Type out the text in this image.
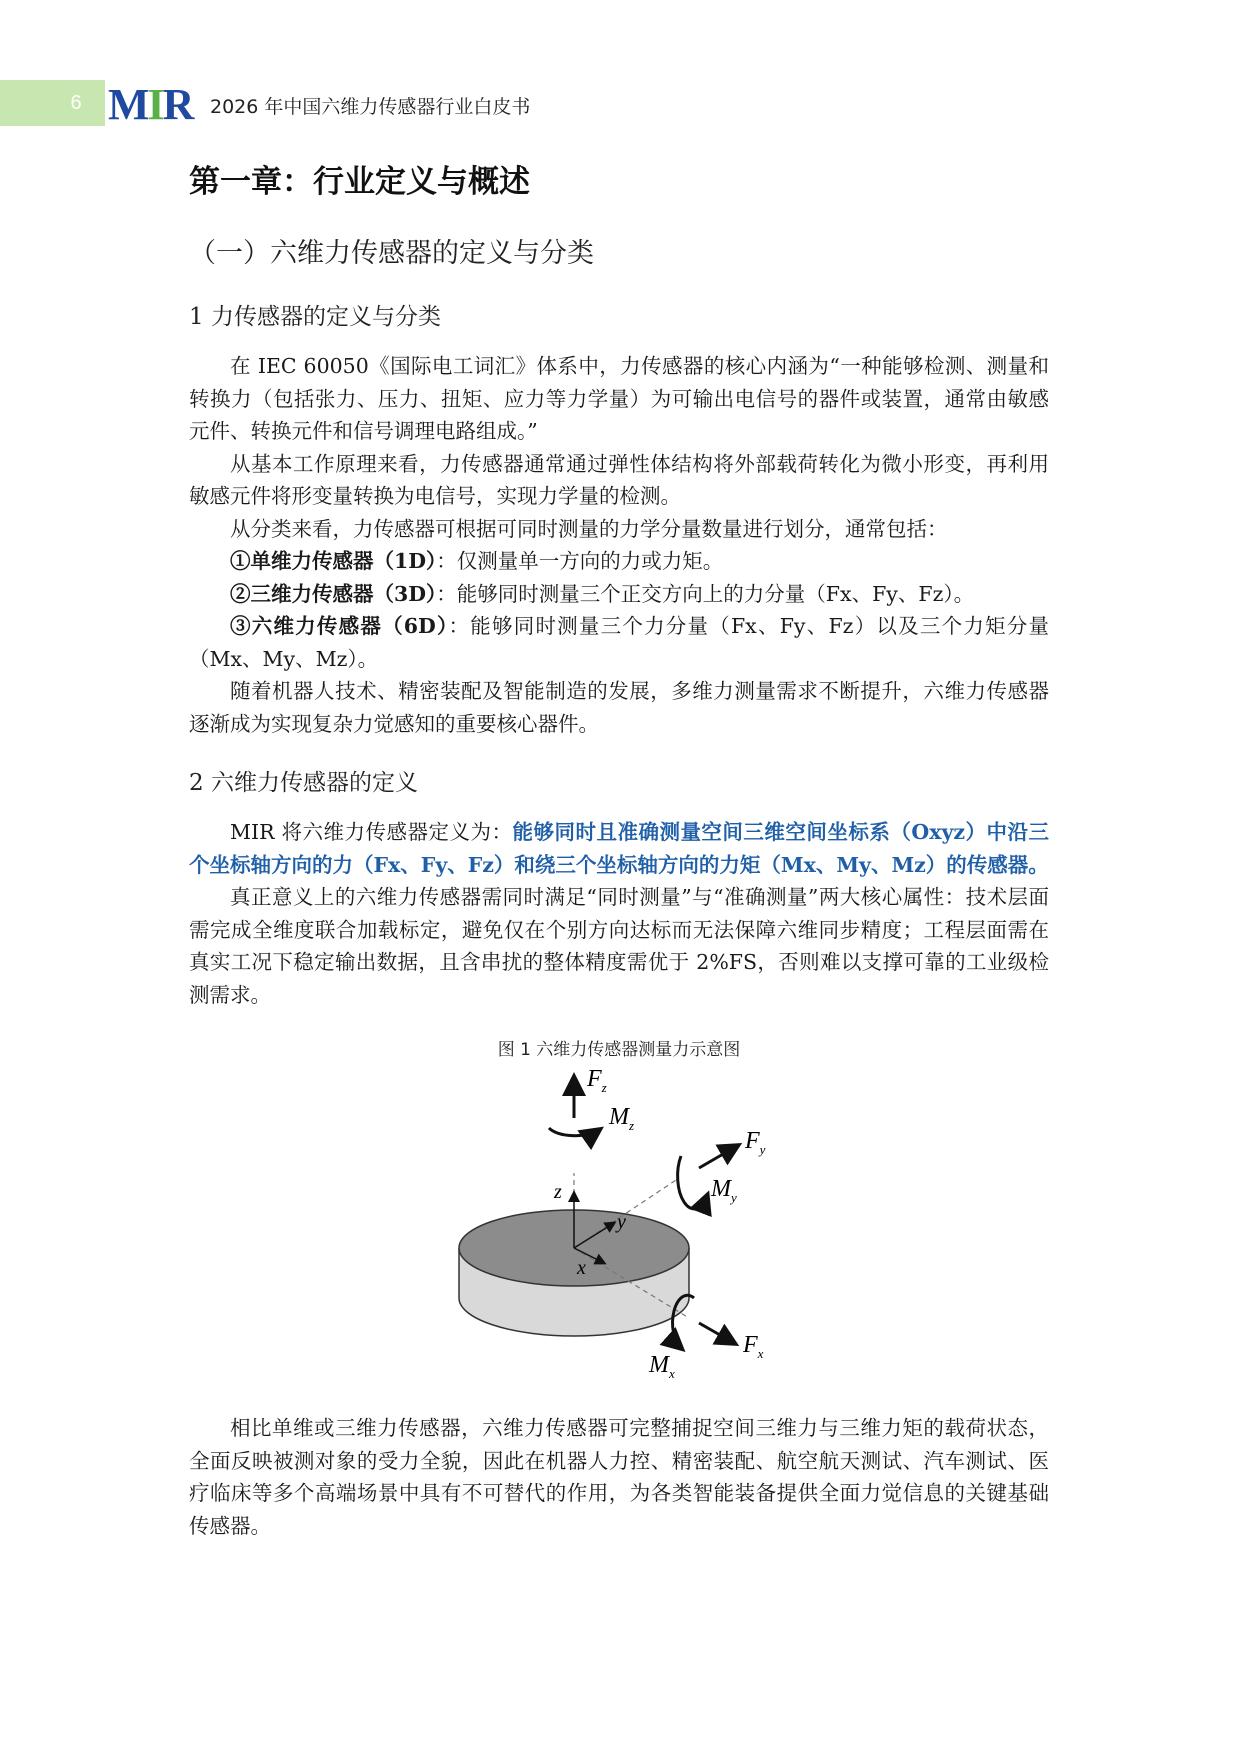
6 MIR 2026 年中国六维力传感器行业白皮书
第一章：行业定义与概述
（一）六维力传感器的定义与分类
1 力传感器的定义与分类

在 IEC 60050《国际电工词汇》体系中，力传感器的核心内涵为“一种能够检测、测量和转换力（包括张力、压力、扭矩、应力等力学量）为可输出电信号的器件或装置，通常由敏感元件、转换元件和信号调理电路组成。”

从基本工作原理来看，力传感器通常通过弹性体结构将外部载荷转化为微小形变，再利用敏感元件将形变量转换为电信号，实现力学量的检测。

从分类来看，力传感器可根据可同时测量的力学分量数量进行划分，通常包括：

①单维力传感器（1D）：仅测量单一方向的力或力矩。

②三维力传感器（3D）：能够同时测量三个正交方向上的力分量（Fx、Fy、Fz）。

③六维力传感器（6D）：能够同时测量三个力分量（Fx、Fy、Fz）以及三个力矩分量（Mx、My、Mz）。

随着机器人技术、精密装配及智能制造的发展，多维力测量需求不断提升，六维力传感器逐渐成为实现复杂力觉感知的重要核心器件。

2 六维力传感器的定义

MIR 将六维力传感器定义为：能够同时且准确测量空间三维空间坐标系（Oxyz）中沿三个坐标轴方向的力（Fx、Fy、Fz）和绕三个坐标轴方向的力矩（Mx、My、Mz）的传感器。

真正意义上的六维力传感器需同时满足“同时测量”与“准确测量”两大核心属性：技术层面需完成全维度联合加载标定，避免仅在个别方向达标而无法保障六维同步精度；工程层面需在真实工况下稳定输出数据，且含串扰的整体精度需优于 2%FS，否则难以支撑可靠的工业级检测需求。

图 1 六维力传感器测量力示意图
z
y
x
$F_z$
$M_z$
$F_y$
$M_y$
$F_x$
$M_x$

相比单维或三维力传感器，六维力传感器可完整捕捉空间三维力与三维力矩的载荷状态，全面反映被测对象的受力全貌，因此在机器人力控、精密装配、航空航天测试、汽车测试、医疗临床等多个高端场景中具有不可替代的作用，为各类智能装备提供全面力觉信息的关键基础传感器。
